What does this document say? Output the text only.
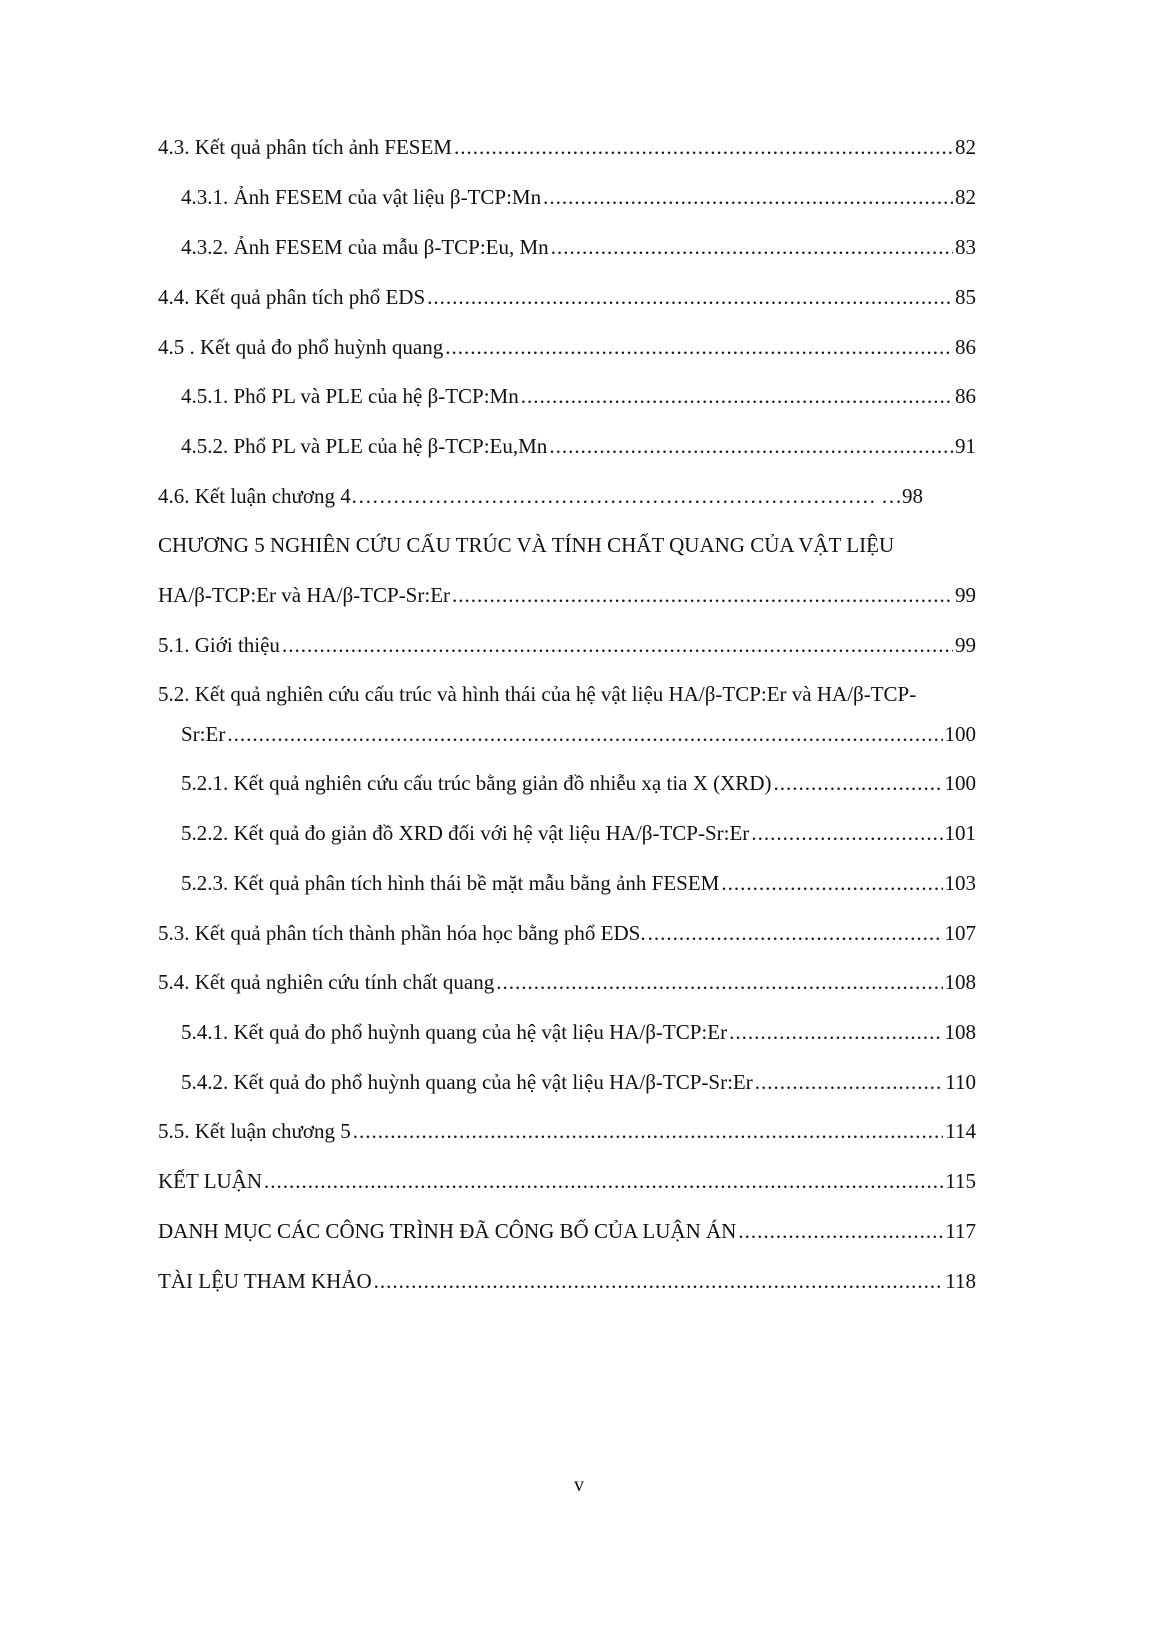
4.3. Kết quả phân tích ảnh FESEM .....	82
4.3.1. Ảnh FESEM của vật liệu β-TCP:Mn .....	82
4.3.2. Ảnh FESEM của mẫu β-TCP:Eu, Mn .....	83
4.4. Kết quả phân tích phổ EDS .....	85
4.5 . Kết quả đo phổ huỳnh quang .....	86
4.5.1. Phổ PL và PLE của hệ β-TCP:Mn .....	86
4.5.2. Phổ PL và PLE của hệ β-TCP:Eu,Mn .....	91
4.6. Kết luận chương 4………………………………………………………………… …98
CHƯƠNG 5 NGHIÊN CỨU CẤU TRÚC VÀ TÍNH CHẤT QUANG CỦA VẬT LIỆU
HA/β-TCP:Er và HA/β-TCP-Sr:Er .....	99
5.1. Giới thiệu .....	99
5.2. Kết quả nghiên cứu cấu trúc và hình thái của hệ vật liệu HA/β-TCP:Er và HA/β-TCP-
Sr:Er .....	100
5.2.1. Kết quả nghiên cứu cấu trúc bằng giản đồ nhiễu xạ tia X (XRD) .....	100
5.2.2. Kết quả đo giản đồ XRD đối với hệ vật liệu HA/β-TCP-Sr:Er .....	101
5.2.3. Kết quả phân tích hình thái bề mặt mẫu bằng ảnh FESEM .....	103
5.3. Kết quả phân tích thành phần hóa học bằng phổ EDS. .....	107
5.4. Kết quả nghiên cứu tính chất quang .....	108
5.4.1. Kết quả đo phổ huỳnh quang của hệ vật liệu HA/β-TCP:Er .....	108
5.4.2. Kết quả đo phổ huỳnh quang của hệ vật liệu HA/β-TCP-Sr:Er .....	110
5.5. Kết luận chương 5 .....	114
KẾT LUẬN .....	115
DANH MỤC CÁC CÔNG TRÌNH ĐÃ CÔNG BỐ CỦA LUẬN ÁN .....	117
TÀI LỆU THAM KHẢO .....	118
v
